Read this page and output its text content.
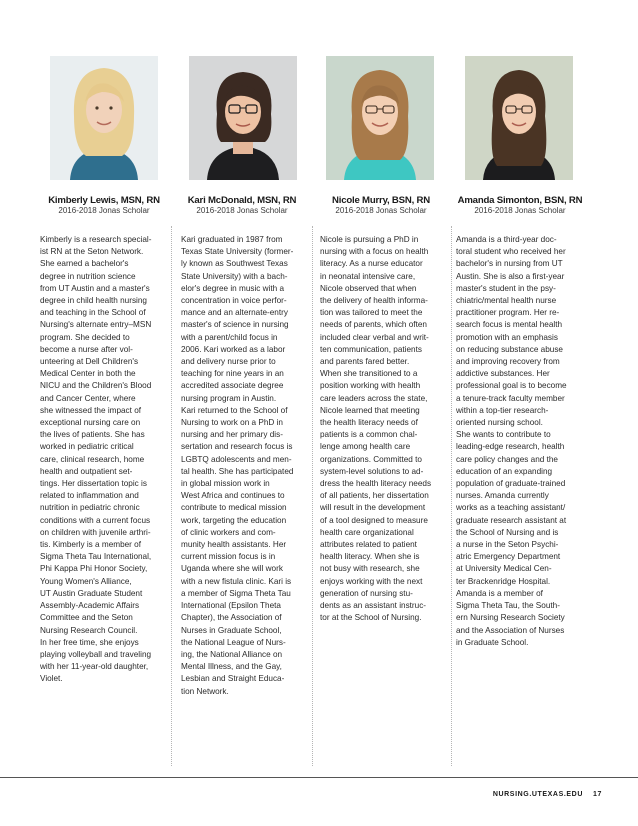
Kimberly Lewis, MSN, RN
2016-2018 Jonas Scholar
Kimberly is a research special-
ist RN at the Seton Network.
She earned a bachelor's
degree in nutrition science
from UT Austin and a master's
degree in child health nursing
and teaching in the School of
Nursing's alternate entry–MSN
program. She decided to
become a nurse after vol-
unteering at Dell Children's
Medical Center in both the
NICU and the Children's Blood
and Cancer Center, where
she witnessed the impact of
exceptional nursing care on
the lives of patients. She has
worked in pediatric critical
care, clinical research, home
health and outpatient set-
tings. Her dissertation topic is
related to inflammation and
nutrition in pediatric chronic
conditions with a current focus
on children with juvenile arthri-
tis. Kimberly is a member of
Sigma Theta Tau International,
Phi Kappa Phi Honor Society,
Young Women's Alliance,
UT Austin Graduate Student
Assembly-Academic Affairs
Committee and the Seton
Nursing Research Council.
In her free time, she enjoys
playing volleyball and traveling
with her 11-year-old daughter,
Violet.
Kari McDonald, MSN, RN
2016-2018 Jonas Scholar
Kari graduated in 1987 from
Texas State University (former-
ly known as Southwest Texas
State University) with a bach-
elor's degree in music with a
concentration in voice perfor-
mance and an alternate-entry
master's of science in nursing
with a parent/child focus in
2006. Kari worked as a labor
and delivery nurse prior to
teaching for nine years in an
accredited associate degree
nursing program in Austin.
Kari returned to the School of
Nursing to work on a PhD in
nursing and her primary dis-
sertation and research focus is
LGBTQ adolescents and men-
tal health. She has participated
in global mission work in
West Africa and continues to
contribute to medical mission
work, targeting the education
of clinic workers and com-
munity health assistants. Her
current mission focus is in
Uganda where she will work
with a new fistula clinic. Kari is
a member of Sigma Theta Tau
International (Epsilon Theta
Chapter), the Association of
Nurses in Graduate School,
the National League of Nurs-
ing, the National Alliance on
Mental Illness, and the Gay,
Lesbian and Straight Educa-
tion Network.
Nicole Murry, BSN, RN
2016-2018 Jonas Scholar
Nicole is pursuing a PhD in
nursing with a focus on health
literacy. As a nurse educator
in neonatal intensive care,
Nicole observed that when
the delivery of health informa-
tion was tailored to meet the
needs of parents, which often
included clear verbal and writ-
ten communication, patients
and parents fared better.
When she transitioned to a
position working with health
care leaders across the state,
Nicole learned that meeting
the health literacy needs of
patients is a common chal-
lenge among health care
organizations. Committed to
system-level solutions to ad-
dress the health literacy needs
of all patients, her dissertation
will result in the development
of a tool designed to measure
health care organizational
attributes related to patient
health literacy. When she is
not busy with research, she
enjoys working with the next
generation of nursing stu-
dents as an assistant instruc-
tor at the School of Nursing.
Amanda Simonton, BSN, RN
2016-2018 Jonas Scholar
Amanda is a third-year doc-
toral student who received her
bachelor's in nursing from UT
Austin. She is also a first-year
master's student in the psy-
chiatric/mental health nurse
practitioner program. Her re-
search focus is mental health
promotion with an emphasis
on reducing substance abuse
and improving recovery from
addictive substances. Her
professional goal is to become
a tenure-track faculty member
within a top-tier research-
oriented nursing school.
She wants to contribute to
leading-edge research, health
care policy changes and the
education of an expanding
population of graduate-trained
nurses. Amanda currently
works as a teaching assistant/
graduate research assistant at
the School of Nursing and is
a nurse in the Seton Psychi-
atric Emergency Department
at University Medical Cen-
ter Brackenridge Hospital.
Amanda is a member of
Sigma Theta Tau, the South-
ern Nursing Research Society
and the Association of Nurses
in Graduate School.
NURSING.UTEXAS.EDU 17
